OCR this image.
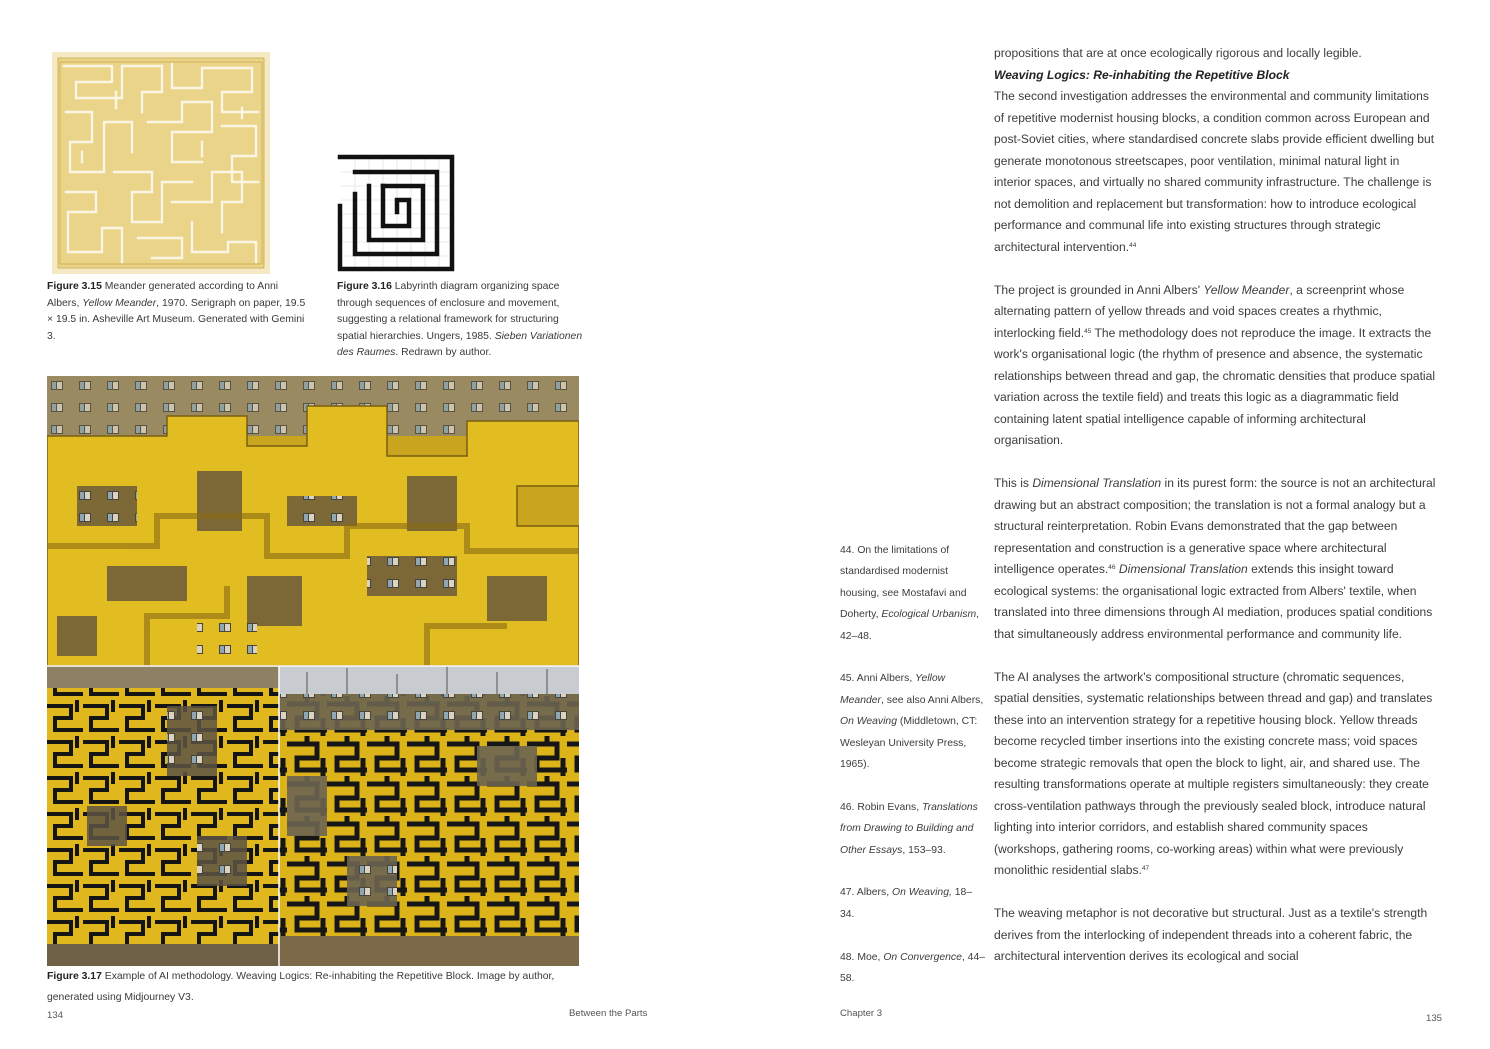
Figure 3.15 Meander generated according to Anni Albers, Yellow Meander, 1970. Serigraph on paper, 19.5 × 19.5 in. Asheville Art Museum. Generated with Gemini 3.
Figure 3.16 Labyrinth diagram organizing space through sequences of enclosure and movement, suggesting a relational framework for structuring spatial hierarchies. Ungers, 1985. Sieben Variationen des Raumes. Redrawn by author.
Figure 3.17 Example of AI methodology. Weaving Logics: Re-inhabiting the Repetitive Block. Image by author, generated using Midjourney V3.
134	Between the Parts

44. On the limitations of standardised modernist housing, see Mostafavi and Doherty, Ecological Urbanism, 42–48.

45. Anni Albers, Yellow Meander, see also Anni Albers, On Weaving (Middletown, CT: Wesleyan University Press, 1965).

46. Robin Evans, Translations from Drawing to Building and Other Essays, 153–93.

47. Albers, On Weaving, 18–34.

48. Moe, On Convergence, 44–58.

propositions that are at once ecologically rigorous and locally legible.
Weaving Logics: Re-inhabiting the Repetitive Block

The second investigation addresses the environmental and community limitations of repetitive modernist housing blocks, a condition common across European and post-Soviet cities, where standardised concrete slabs provide efficient dwelling but generate monotonous streetscapes, poor ventilation, minimal natural light in interior spaces, and virtually no shared community infrastructure. The challenge is not demolition and replacement but transformation: how to introduce ecological performance and communal life into existing structures through strategic architectural intervention.$^{44}$

The project is grounded in Anni Albers' Yellow Meander, a screenprint whose alternating pattern of yellow threads and void spaces creates a rhythmic, interlocking field.$^{45}$ The methodology does not reproduce the image. It extracts the work's organisational logic (the rhythm of presence and absence, the systematic relationships between thread and gap, the chromatic densities that produce spatial variation across the textile field) and treats this logic as a diagrammatic field containing latent spatial intelligence capable of informing architectural organisation.

This is Dimensional Translation in its purest form: the source is not an architectural drawing but an abstract composition; the translation is not a formal analogy but a structural reinterpretation. Robin Evans demonstrated that the gap between representation and construction is a generative space where architectural intelligence operates.$^{46}$ Dimensional Translation extends this insight toward ecological systems: the organisational logic extracted from Albers' textile, when translated into three dimensions through AI mediation, produces spatial conditions that simultaneously address environmental performance and community life.

The AI analyses the artwork's compositional structure (chromatic sequences, spatial densities, systematic relationships between thread and gap) and translates these into an intervention strategy for a repetitive housing block. Yellow threads become recycled timber insertions into the existing concrete mass; void spaces become strategic removals that open the block to light, air, and shared use. The resulting transformations operate at multiple registers simultaneously: they create cross-ventilation pathways through the previously sealed block, introduce natural lighting into interior corridors, and establish shared community spaces (workshops, gathering rooms, co-working areas) within what were previously monolithic residential slabs.$^{47}$

The weaving metaphor is not decorative but structural. Just as a textile's strength derives from the interlocking of independent threads into a coherent fabric, the architectural intervention derives its ecological and social

Chapter 3	135
